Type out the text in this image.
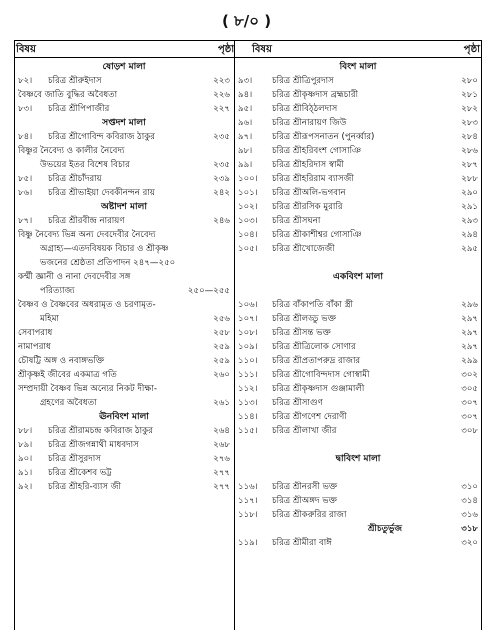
( ৮/০ )
বিষয়	পৃষ্ঠা বিষয়	পৃষ্ঠা
ষোড়শ মালা
৮২। চরিত্র শ্রীরুইদাস	২২৩
বৈষ্ণবে জাতি বুদ্ধির অবৈধতা	২২৬
৮৩। চরিত্র শ্রীপিপাজীর	২২৭
সপ্তদশ মালা
৮৪। চরিত্র শ্রীগোবিন্দ কবিরাজ ঠাকুর	২৩৫
বিষ্ণুর নৈবেদ্য ও কালীর নৈবেদ্য
উভয়ের ইতর বিশেষ বিচার	২৩৫
৮৫। চরিত্র শ্রীচাঁদরায়	২৩৯
৮৬। চরিত্র শ্রীভাইয়া দেবকীনন্দন রায়	২৪২
অষ্টাদশ মালা
৮৭। চরিত্র শ্রীরবীন্দ্র নারায়ণ	২৪৬
বিষ্ণু নৈবেদ্য ভিন্ন অন্য দেবদেবীর নৈবেদ্য
অগ্রাহ্য—এতদবিষয়ক বিচার ও শ্রীকৃষ্ণ
ভজনের শ্রেষ্ঠতা প্রতিপাদন ২৪৭—২৫০
কর্ম্মী জ্ঞানী ও নানা দেবদেবীর সঙ্গ
পরিত্যাজ্য	২৫০—২৫৫
বৈষ্ণব ও বৈষ্ণবের অধরামৃত ও চরণামৃত-
মহিমা	২৫৬
সেবাপরাধ	২৫৮
নামাপরাধ	২৫৯
চৌষট্টি অঙ্গ ও নবাঙ্গভক্তি	২৫৯
শ্রীকৃষ্ণই জীবের একমাত্র গতি	২৬০
সম্প্রদায়ী বৈষ্ণব ভিন্ন অন্যের নিকট দীক্ষা-
গ্রহণের অবৈধতা	২৬১
ঊনবিংশ মালা
৮৮। চরিত্র শ্রীরামচন্দ্র কবিরাজ ঠাকুর	২৬৪
৮৯। চরিত্র শ্রীজগন্নাথী মাধবদাস	২৬৮
৯০। চরিত্র শ্রীসুরদাস	২৭৬
৯১। চরিত্র শ্রীকেশব ভট্ট	২৭৭
৯২। চরিত্র শ্রীহরি-ব্যাস জী	২৭৭
বিংশ মালা
৯৩। চরিত্র শ্রীত্রিপুরদাস	২৮০
৯৪। চরিত্র শ্রীকৃষ্ণদাস ব্রহ্মচারী	২৮১
৯৫। চরিত্র শ্রীবিঠ্ঠলদাস	২৮২
৯৬। চরিত্র শ্রীনারায়ণ জিউ	২৮৩
৯৭। চরিত্র শ্রীরূপসনাতন (পুনর্ব্বার)	২৮৪
৯৮। চরিত্র শ্রীহরিবংশ গোসাঞি	২৮৬
৯৯। চরিত্র শ্রীহরিদাস স্বামী	২৮৭
১০০। চরিত্র শ্রীহরিরাম ব্যাসজী	২৮৮
১০১। চরিত্র শ্রীঅলি-ভগবান	২৯০
১০২। চরিত্র শ্রীরসিক মুরারি	২৯১
১০৩। চরিত্র শ্রীসঘনা	২৯৩
১০৪। চরিত্র শ্রীকাশীশ্বর গোসাঞি	২৯৪
১০৫। চরিত্র শ্রীখোজেজী	২৯৫
একবিংশ মালা
১০৬। চরিত্র বাঁকাপতি বাঁকা স্ত্রী	২৯৬
১০৭। চরিত্র শ্রীলড্ডু ভক্ত	২৯৭
১০৮। চরিত্র শ্রীসন্ত ভক্ত	২৯৭
১০৯। চরিত্র শ্রীত্রিলোক সোণার	২৯৭
১১০। চরিত্র শ্রীপ্রতাপরুদ্র রাজার	২৯৯
১১১। চরিত্র শ্রীগোবিন্দদাস গোস্বামী	৩০২
১১২। চরিত্র শ্রীকৃষ্ণদাস গুঞ্জামালী	৩০৫
১১৩। চরিত্র শ্রীসাগুণ	৩০৭
১১৪। চরিত্র শ্রীগণেশ দেরাণী	৩০৭
১১৫। চরিত্র শ্রীলাখা জীর	৩০৮
দ্বাবিংশ মালা
১১৬। চরিত্র শ্রীনরসী ভক্ত	৩১০
১১৭। চরিত্র শ্রীঅঙ্গদ ভক্ত	৩১৪
১১৮। চরিত্র শ্রীকরুরির রাজা	৩১৬
শ্রীচতুর্ভুজ	৩১৮
১১৯। চরিত্র শ্রীমীরা বাঈ	৩২০
